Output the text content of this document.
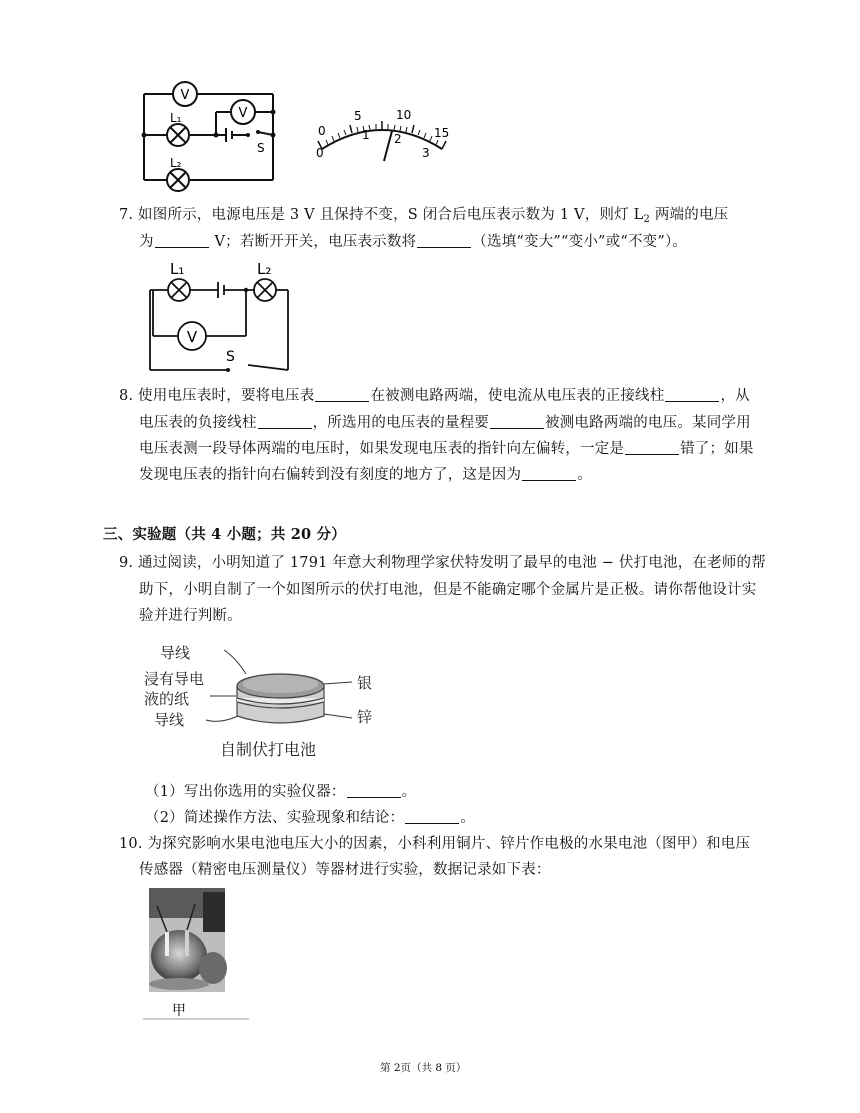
V
V
L₁
L₂
S
0
5	10
15
0
1 2
3
7. 如图所示，电源电压是 3 V 且保持不变，S 闭合后电压表示数为 1 V，则灯 $L_2$ 两端的电压
为	V；若断开开关，电压表示数将	（选填“变大”“变小”或“不变”）。
V
L₁	L₂
S
8. 使用电压表时，要将电压表	在被测电路两端，使电流从电压表的正接线柱	，从
电压表的负接线柱	，所选用的电压表的量程要	被测电路两端的电压。某同学用
电压表测一段导体两端的电压时，如果发现电压表的指针向左偏转，一定是	错了；如果
发现电压表的指针向右偏转到没有刻度的地方了，这是因为	。
三、实验题（共 4 小题；共 20 分）
9. 通过阅读，小明知道了 1791 年意大利物理学家伏特发明了最早的电池 − 伏打电池，在老师的帮
助下，小明自制了一个如图所示的伏打电池，但是不能确定哪个金属片是正极。请你帮他设计实
验并进行判断。
导线
浸有导电
液的纸
导线
银
锌
自制伏打电池
（1）写出你选用的实验仪器：	。
（2）简述操作方法、实验现象和结论：	。
10. 为探究影响水果电池电压大小的因素，小科利用铜片、锌片作电极的水果电池（图甲）和电压
传感器（精密电压测量仪）等器材进行实验，数据记录如下表：
甲
第 2页（共 8 页）
